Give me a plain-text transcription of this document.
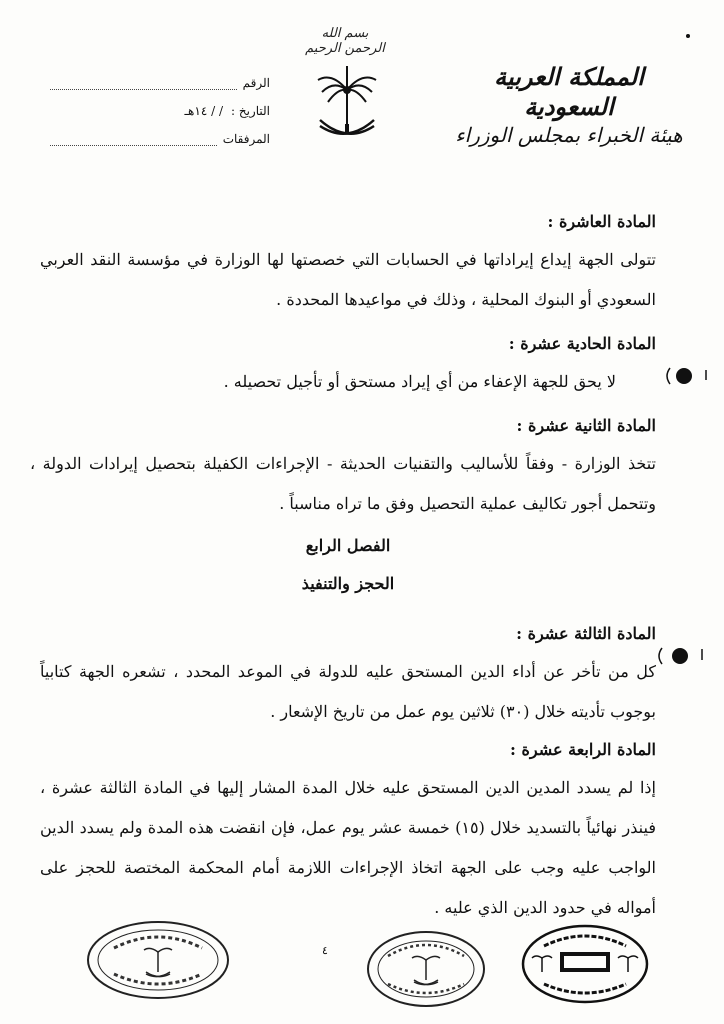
بسم الله الرحمن الرحيم
المملكة العربية السعودية
هيئة الخبراء بمجلس الوزراء
الرقم
التاريخ :
/ / ١٤هـ
المرفقات
المادة العاشرة :
تتولى الجهة إيداع إيراداتها في الحسابات التي خصصتها لها الوزارة في مؤسسة النقد العربي السعودي أو البنوك المحلية ، وذلك في مواعيدها المحددة .
المادة الحادية عشرة :
لا يحق للجهة الإعفاء من أي إيراد مستحق أو تأجيل تحصيله .
المادة الثانية عشرة :
تتخذ الوزارة - وفقاً للأساليب والتقنيات الحديثة - الإجراءات الكفيلة بتحصيل إيرادات الدولة ، وتتحمل أجور تكاليف عملية التحصيل وفق ما تراه مناسباً .
الفصل الرابع
الحجز والتنفيذ
المادة الثالثة عشرة :
كل من تأخر عن أداء الدين المستحق عليه للدولة في الموعد المحدد ، تشعره الجهة كتابياً بوجوب تأديته خلال (٣٠) ثلاثين يوم عمل من تاريخ الإشعار .
المادة الرابعة عشرة :
إذا لم يسدد المدين الدين المستحق عليه خلال المدة المشار إليها في المادة الثالثة عشرة ، فينذر نهائياً بالتسديد خلال (١٥) خمسة عشر يوم عمل، فإن انقضت هذه المدة ولم يسدد الدين الواجب عليه وجب على الجهة اتخاذ الإجراءات اللازمة أمام المحكمة المختصة للحجز على أمواله في حدود الدين الذي عليه .
٤
